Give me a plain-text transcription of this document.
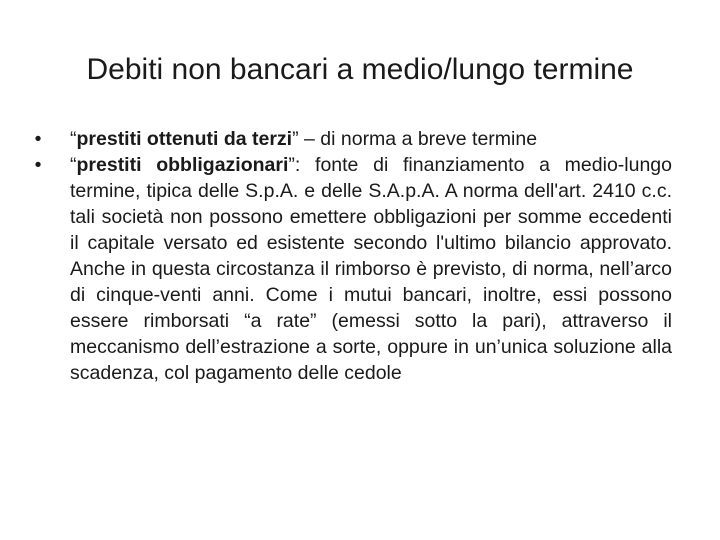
Debiti non bancari a medio/lungo termine
•	“prestiti ottenuti da terzi” – di norma a breve termine
•	“prestiti obbligazionari”: fonte di finanziamento a medio-lungo termine, tipica delle S.p.A. e delle S.A.p.A. A norma dell'art. 2410 c.c. tali società non possono emettere obbligazioni per somme eccedenti il capitale versato ed esistente secondo l'ultimo bilancio approvato. Anche in questa circostanza il rimborso è previsto, di norma, nell’arco di cinque-venti anni. Come i mutui bancari, inoltre, essi possono essere rimborsati “a rate” (emessi sotto la pari), attraverso il meccanismo dell’estrazione a sorte, oppure in un’unica soluzione alla scadenza, col pagamento delle cedole
